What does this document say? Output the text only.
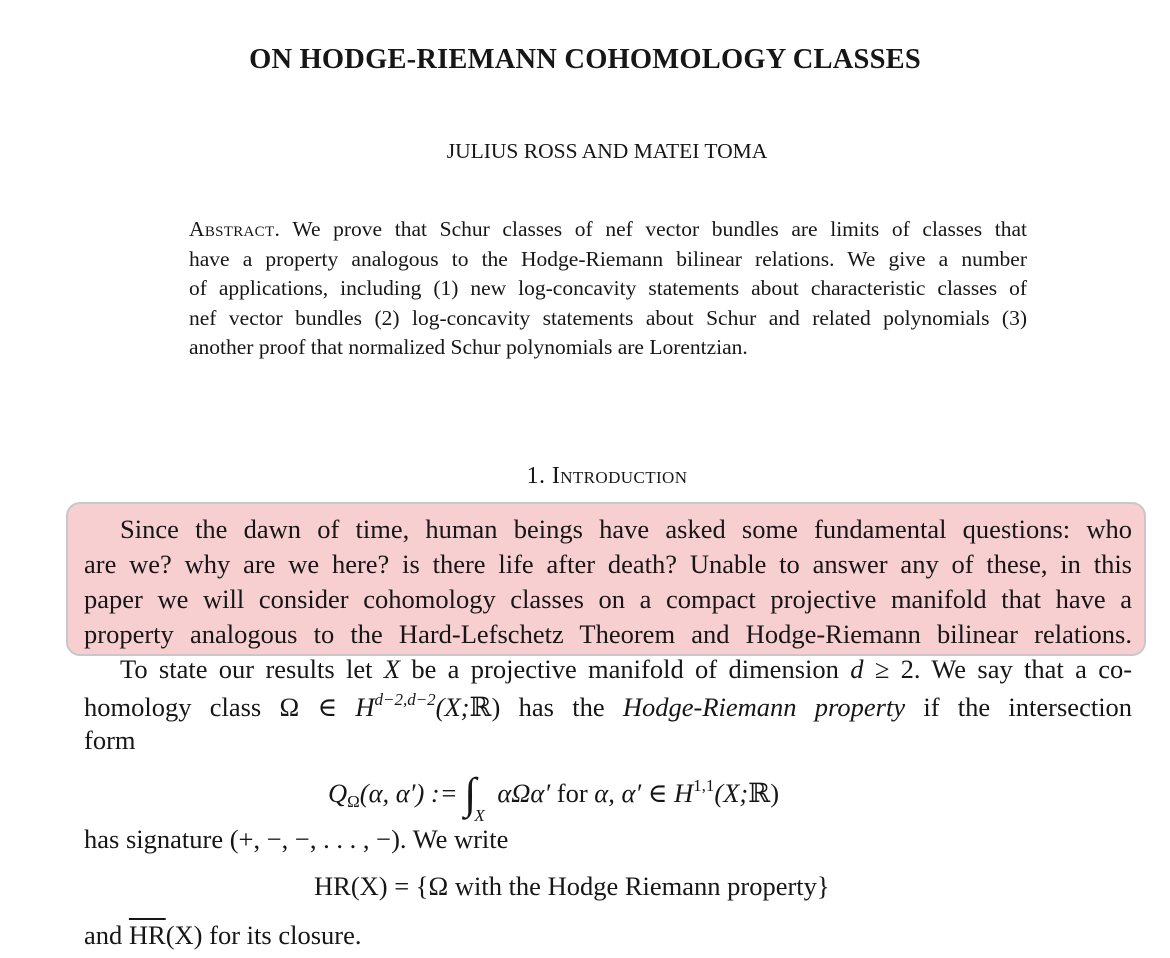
ON HODGE-RIEMANN COHOMOLOGY CLASSES
JULIUS ROSS AND MATEI TOMA
Abstract. We prove that Schur classes of nef vector bundles are limits of classes that
have a property analogous to the Hodge-Riemann bilinear relations. We give a number
of applications, including (1) new log-concavity statements about characteristic classes of
nef vector bundles (2) log-concavity statements about Schur and related polynomials (3)
another proof that normalized Schur polynomials are Lorentzian.
1. Introduction
Since the dawn of time, human beings have asked some fundamental questions: who
are we? why are we here? is there life after death? Unable to answer any of these, in this
paper we will consider cohomology classes on a compact projective manifold that have a
property analogous to the Hard-Lefschetz Theorem and Hodge-Riemann bilinear relations.
To state our results let X be a projective manifold of dimension d ≥ 2. We say that a co-
homology class Ω ∈ $H^{d-2,d-2}(X;ℝ)$ has the Hodge-Riemann property if the intersection
form
$Q_\Omega(\alpha$, α′) := $\int_X$ αΩα′ for α, α′ ∈ H$^{1,1}$(X;ℝ)
has signature (+, −, −, . . . , −). We write
HR(X) = {Ω with the Hodge Riemann property}
and $\overline{HR}(X)$ for its closure.
